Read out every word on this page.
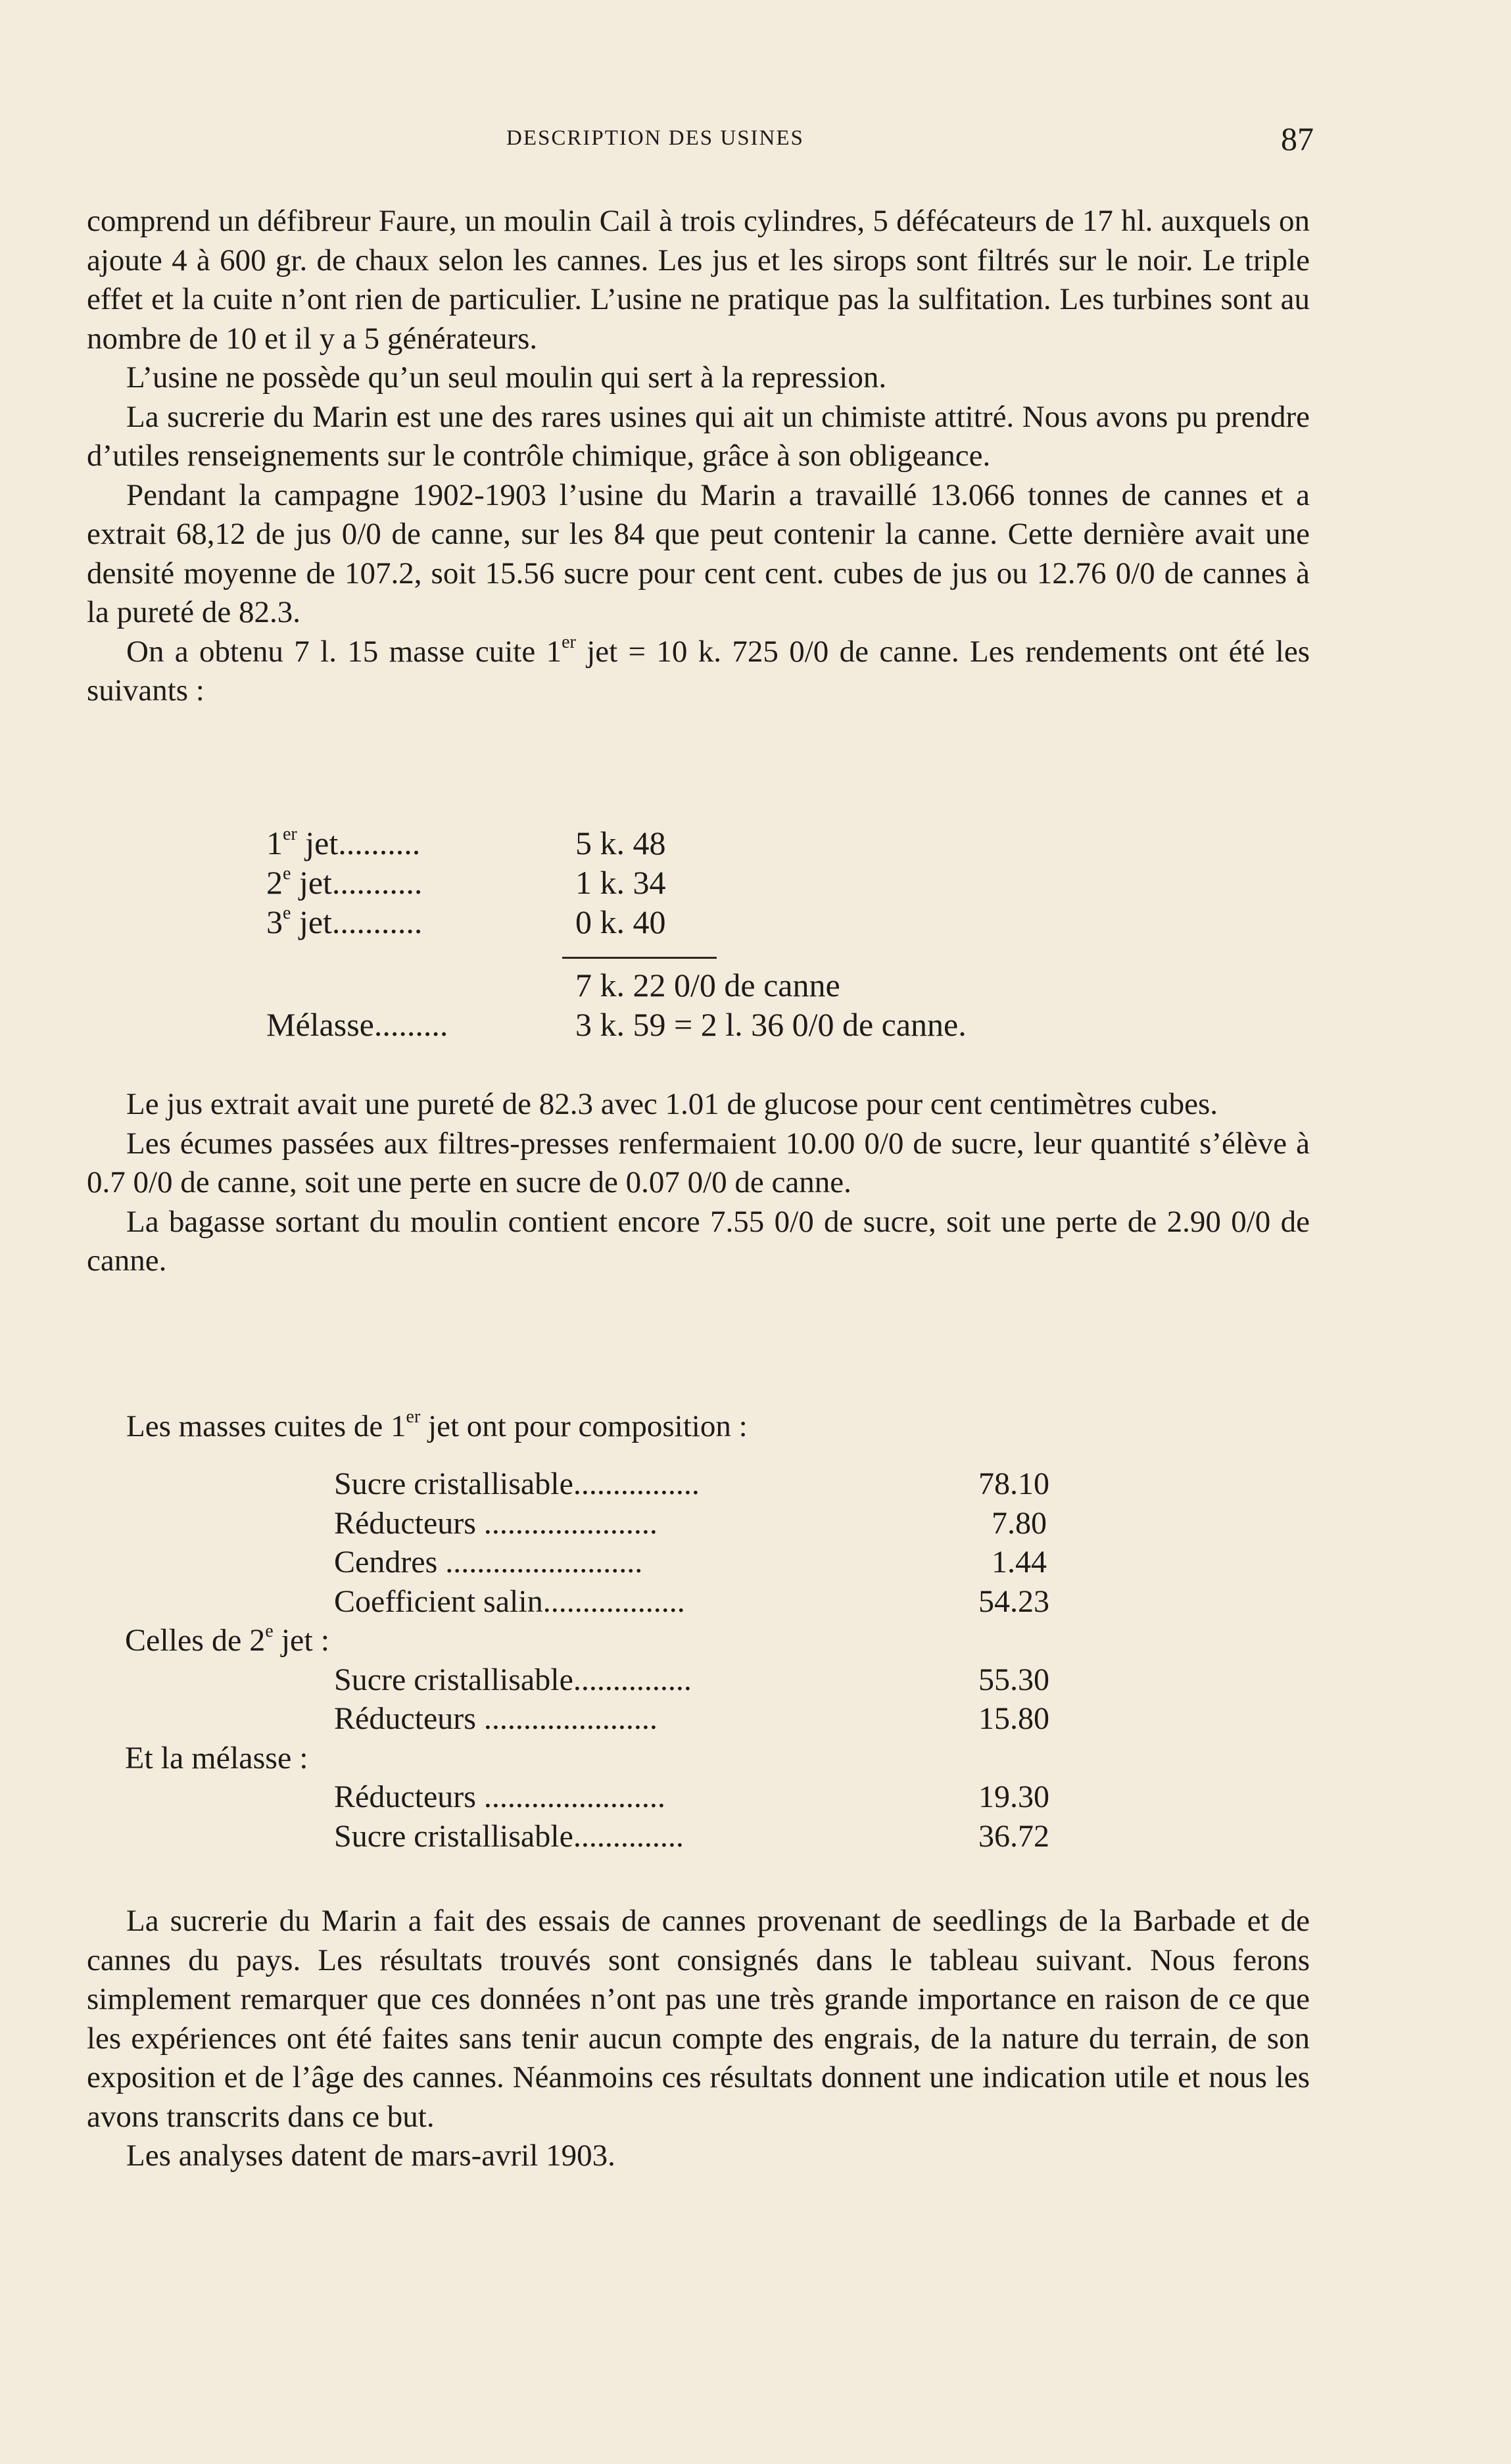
DESCRIPTION DES USINES	87

comprend un défibreur Faure, un moulin Cail à trois cylindres, 5 défécateurs de 17 hl. auxquels on ajoute 4 à 600 gr. de chaux selon les cannes. Les jus et les sirops sont filtrés sur le noir. Le triple effet et la cuite n’ont rien de particulier. L’usine ne pratique pas la sulfitation. Les turbines sont au nombre de 10 et il y a 5 générateurs.

L’usine ne possède qu’un seul moulin qui sert à la repression.

La sucrerie du Marin est une des rares usines qui ait un chimiste attitré. Nous avons pu prendre d’utiles renseignements sur le contrôle chimique, grâce à son obligeance.

Pendant la campagne 1902-1903 l’usine du Marin a travaillé 13.066 tonnes de cannes et a extrait 68,12 de jus 0/0 de canne, sur les 84 que peut contenir la canne. Cette dernière avait une densité moyenne de 107.2, soit 15.56 sucre pour cent cent. cubes de jus ou 12.76 0/0 de cannes à la pureté de 82.3.

On a obtenu 7 l. 15 masse cuite 1er jet = 10 k. 725 0/0 de canne. Les rendements ont été les suivants :

1er jet..........	5 k. 48
2e jet...........	1 k. 34
3e jet...........	0 k. 40
7 k. 22 0/0 de canne
Mélasse.........	3 k. 59 = 2 l. 36 0/0 de canne.

Le jus extrait avait une pureté de 82.3 avec 1.01 de glucose pour cent centimètres cubes.

Les écumes passées aux filtres-presses renfermaient 10.00 0/0 de sucre, leur quantité s’élève à 0.7 0/0 de canne, soit une perte en sucre de 0.07 0/0 de canne.

La bagasse sortant du moulin contient encore 7.55 0/0 de sucre, soit une perte de 2.90 0/0 de canne.

Les masses cuites de 1er jet ont pour composition :

Sucre cristallisable................	78.10
Réducteurs ......................	7.80
Cendres .........................	1.44
Coefficient salin..................	54.23
Celles de 2e jet :
Sucre cristallisable...............	55.30
Réducteurs ......................	15.80
Et la mélasse :
Réducteurs .......................	19.30
Sucre cristallisable..............	36.72

La sucrerie du Marin a fait des essais de cannes provenant de seedlings de la Barbade et de cannes du pays. Les résultats trouvés sont consignés dans le tableau suivant. Nous ferons simplement remarquer que ces données n’ont pas une très grande importance en raison de ce que les expériences ont été faites sans tenir aucun compte des engrais, de la nature du terrain, de son exposition et de l’âge des cannes. Néanmoins ces résultats donnent une indication utile et nous les avons transcrits dans ce but.

Les analyses datent de mars-avril 1903.
